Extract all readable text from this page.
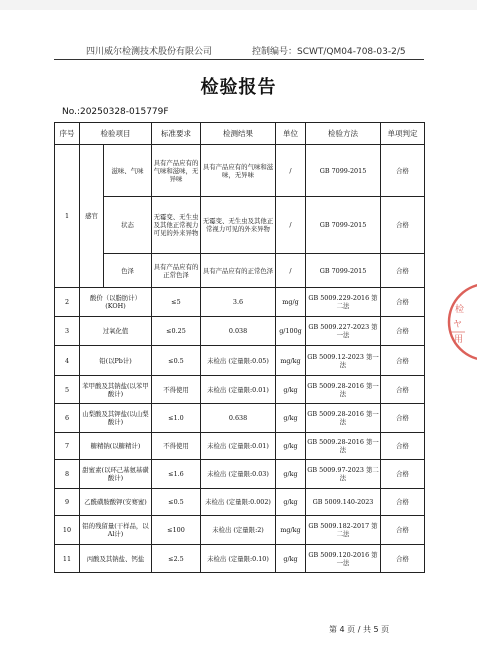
四川威尔检测技术股份有限公司	控制编号：SCWT/QM04-708-03-2/5
检验报告
No.:20250328-015779F
序号	检验项目		标准要求	检测结果	单位	检验方法	单项判定
1	感官	滋味、气味	具有产品应有的气味和滋味，无异味	具有产品应有的气味和滋味，无异味	/	GB 7099-2015	合格
		状态	无霉变、无生虫及其他正常视力可见的外来异物	无霉变、无生虫及其他正常视力可见的外来异物	/	GB 7099-2015	合格
		色泽	具有产品应有的正常色泽	具有产品应有的正常色泽	/	GB 7099-2015	合格
2	酸价（以脂肪计）(KOH)		≤5	3.6	mg/g	GB 5009.229-2016 第二法	合格
3	过氧化值		≤0.25	0.038	g/100g	GB 5009.227-2023 第一法	合格
4	铅(以Pb计)		≤0.5	未检出 (定量限:0.05)	mg/kg	GB 5009.12-2023 第一法	合格
5	苯甲酸及其钠盐(以苯甲酸计)		不得使用	未检出 (定量限:0.01)	g/kg	GB 5009.28-2016 第一法	合格
6	山梨酸及其钾盐(以山梨酸计)		≤1.0	0.638	g/kg	GB 5009.28-2016 第一法	合格
7	糖精钠(以糖精计)		不得使用	未检出 (定量限:0.01)	g/kg	GB 5009.28-2016 第一法	合格
8	甜蜜素(以环己基氨基磺酸计)		≤1.6	未检出 (定量限:0.03)	g/kg	GB 5009.97-2023 第二法	合格
9	乙酰磺胺酸钾(安赛蜜)		≤0.5	未检出 (定量限:0.002)	g/kg	GB 5009.140-2023	合格
10	铝的残留量(干样品，以Al计)		≤100	未检出 (定量限:2)	mg/kg	GB 5009.182-2017 第二法	合格
11	丙酸及其钠盐、钙盐		≤2.5	未检出 (定量限:0.10)	g/kg	GB 5009.120-2016 第一法	合格
第 4 页 / 共 5 页
检
ヤ
用
